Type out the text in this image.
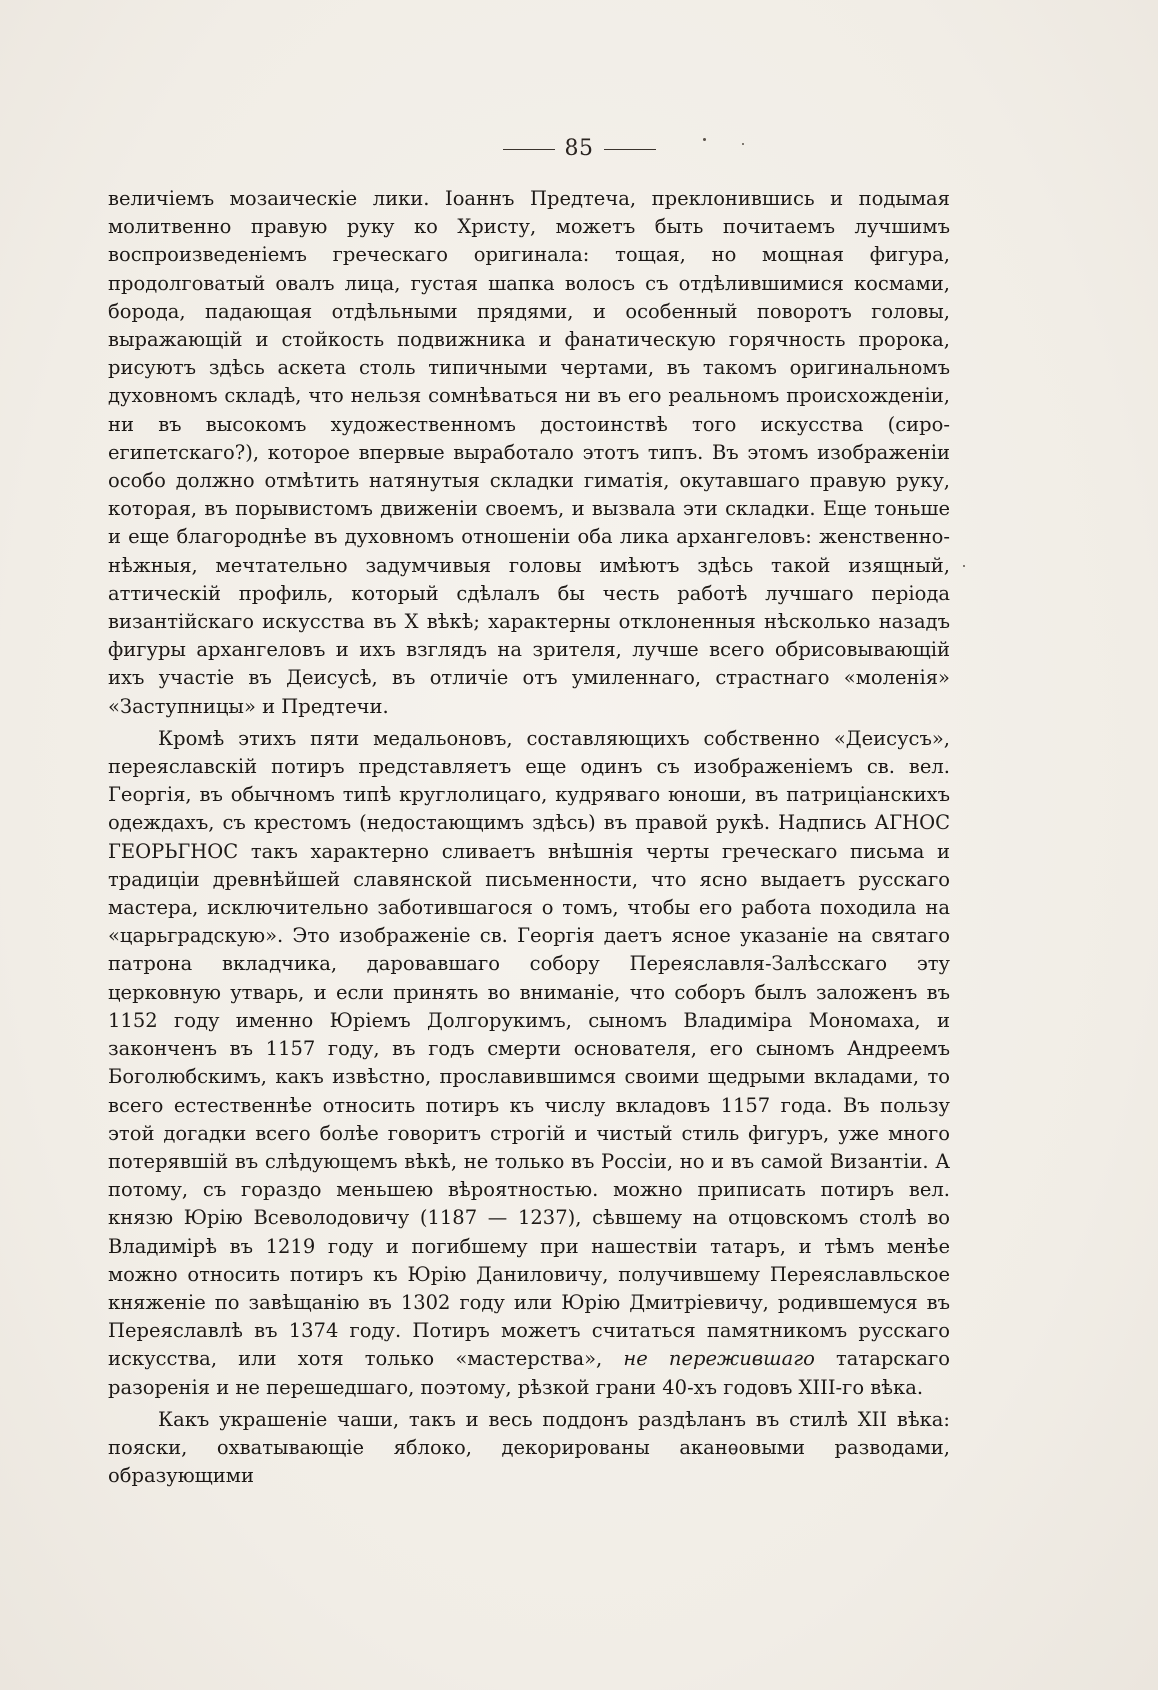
85

величіемъ мозаическіе лики. Іоаннъ Предтеча, преклонившись и подымая молитвенно правую руку ко Христу, можетъ быть почитаемъ лучшимъ воспроизведеніемъ греческаго оригинала: тощая, но мощная фигура, продолговатый овалъ лица, густая шапка волосъ съ отдѣлившимися космами, борода, падающая отдѣльными прядями, и особенный поворотъ головы, выражающій и стойкость подвижника и фанатическую горячность пророка, рисуютъ здѣсь аскета столь типичными чертами, въ такомъ оригинальномъ духовномъ складѣ, что нельзя сомнѣваться ни въ его реальномъ происхожденіи, ни въ высокомъ художественномъ достоинствѣ того искусства (сиро-египетскаго?), которое впервые выработало этотъ типъ. Въ этомъ изображеніи особо должно отмѣтить натянутыя складки гиматія, окутавшаго правую руку, которая, въ порывистомъ движеніи своемъ, и вызвала эти складки. Еще тоньше и еще благороднѣе въ духовномъ отношеніи оба лика архангеловъ: женственно-нѣжныя, мечтательно задумчивыя головы имѣютъ здѣсь такой изящный, аттическій профиль, который сдѣлалъ бы честь работѣ лучшаго періода византійскаго искусства въ X вѣкѣ; характерны отклоненныя нѣсколько назадъ фигуры архангеловъ и ихъ взглядъ на зрителя, лучше всего обрисовывающій ихъ участіе въ Деисусѣ, въ отличіе отъ умиленнаго, страстнаго «моленія» «Заступницы» и Предтечи.

Кромѣ этихъ пяти медальоновъ, составляющихъ собственно «Деисусъ», переяславскій потиръ представляетъ еще одинъ съ изображеніемъ св. вел. Георгія, въ обычномъ типѣ круглолицаго, кудряваго юноши, въ патриціанскихъ одеждахъ, съ крестомъ (недостающимъ здѣсь) въ правой рукѣ. Надпись АГНОС ГЕОРЬГНОС такъ характерно сливаетъ внѣшнія черты греческаго письма и традиціи древнѣйшей славянской письменности, что ясно выдаетъ русскаго мастера, исключительно заботившагося о томъ, чтобы его работа походила на «царьградскую». Это изображеніе св. Георгія даетъ ясное указаніе на святаго патрона вкладчика, даровавшаго собору Переяславля-Залѣсскаго эту церковную утварь, и если принять во вниманіе, что соборъ былъ заложенъ въ 1152 году именно Юріемъ Долгорукимъ, сыномъ Владиміра Мономаха, и законченъ въ 1157 году, въ годъ смерти основателя, его сыномъ Андреемъ Боголюбскимъ, какъ извѣстно, прославившимся своими щедрыми вкладами, то всего естественнѣе относить потиръ къ числу вкладовъ 1157 года. Въ пользу этой догадки всего болѣе говоритъ строгій и чистый стиль фигуръ, уже много потерявшій въ слѣдующемъ вѣкѣ, не только въ Россіи, но и въ самой Византіи. А потому, съ гораздо меньшею вѣроятностью. можно приписать потиръ вел. князю Юрію Всеволодовичу (1187 — 1237), сѣвшему на отцовскомъ столѣ во Владимірѣ въ 1219 году и погибшему при нашествіи татаръ, и тѣмъ менѣе можно относить потиръ къ Юрію Даниловичу, получившему Переяславльское княженіе по завѣщанію въ 1302 году или Юрію Дмитріевичу, родившемуся въ Переяславлѣ въ 1374 году. Потиръ можетъ считаться памятникомъ русскаго искусства, или хотя только «мастерства», не пережившаго татарскаго разоренія и не перешедшаго, поэтому, рѣзкой грани 40-хъ годовъ XIII-го вѣка.

Какъ украшеніе чаши, такъ и весь поддонъ раздѣланъ въ стилѣ XII вѣка: пояски, охватывающіе яблоко, декорированы аканѳовыми разводами, образующими
